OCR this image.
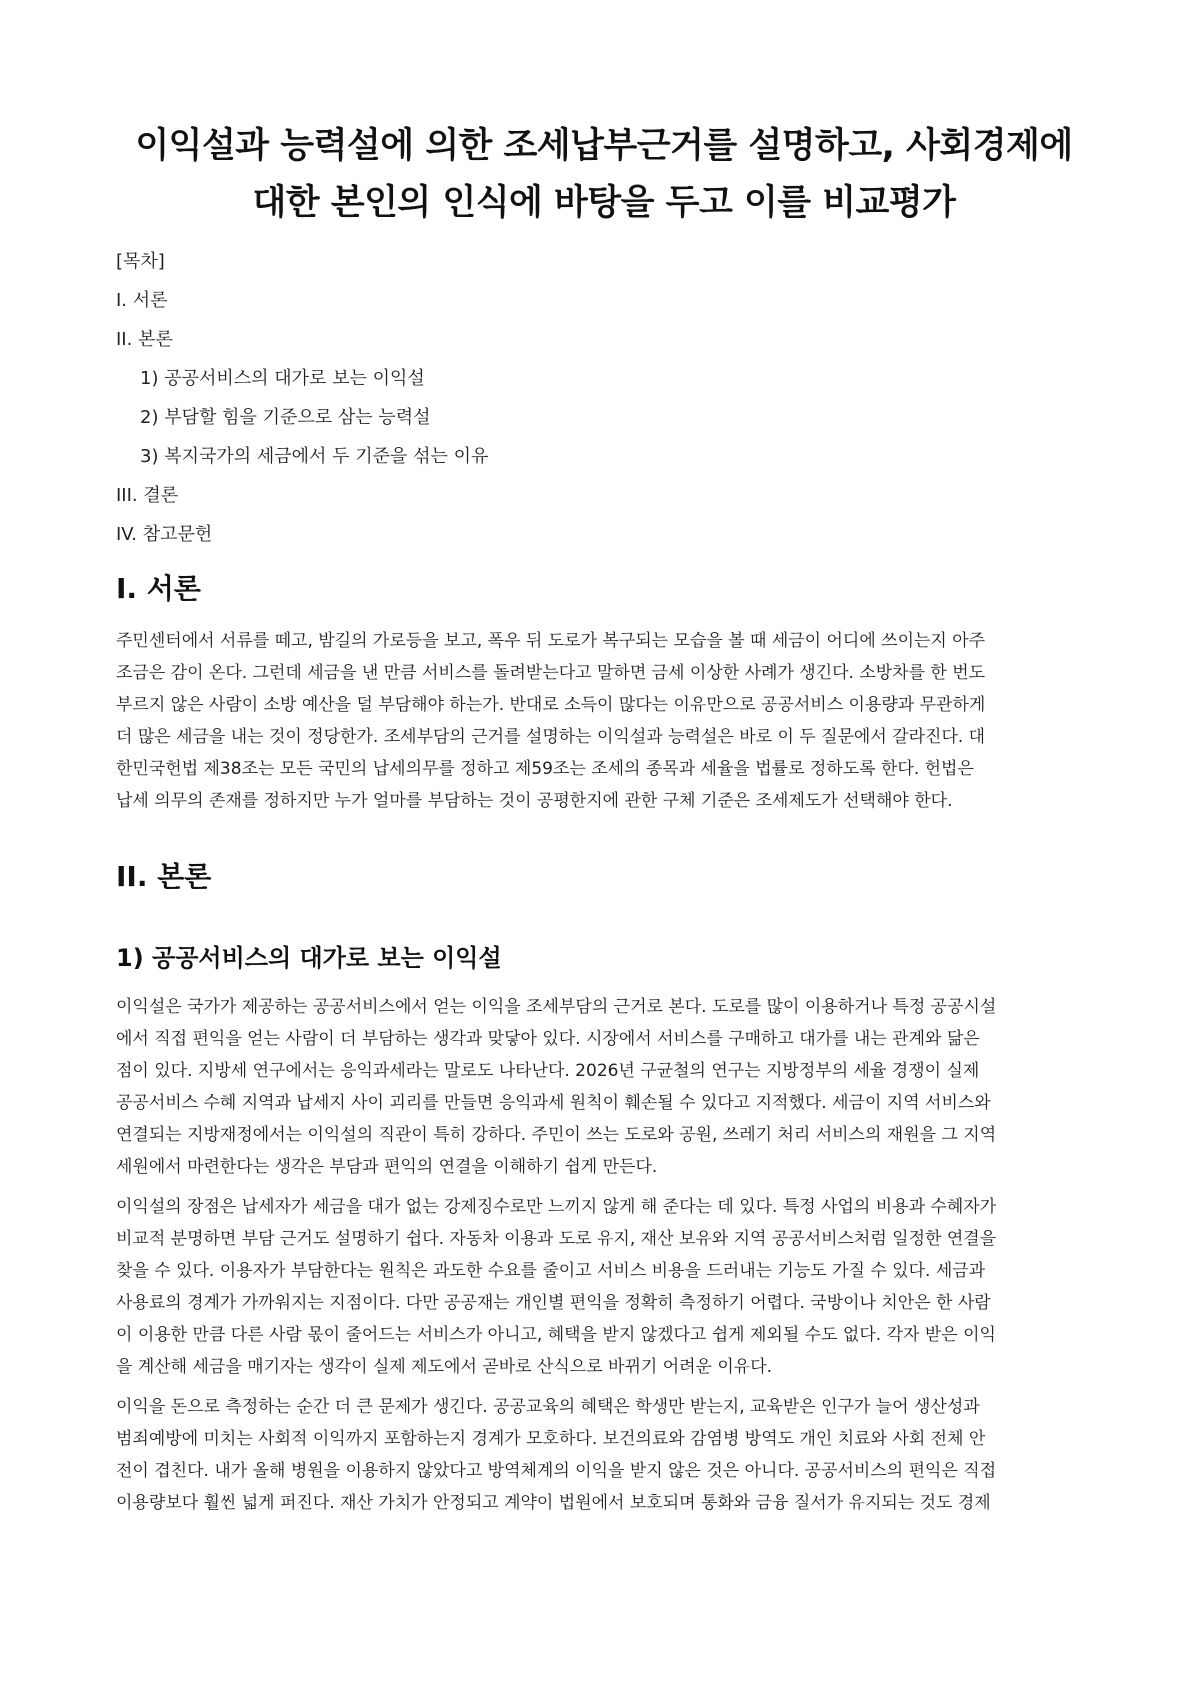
이익설과 능력설에 의한 조세납부근거를 설명하고, 사회경제에
대한 본인의 인식에 바탕을 두고 이를 비교평가
[목차]
I. 서론
II. 본론
1) 공공서비스의 대가로 보는 이익설
2) 부담할 힘을 기준으로 삼는 능력설
3) 복지국가의 세금에서 두 기준을 섞는 이유
III. 결론
IV. 참고문헌
I. 서론

주민센터에서 서류를 떼고, 밤길의 가로등을 보고, 폭우 뒤 도로가 복구되는 모습을 볼 때 세금이 어디에 쓰이는지 아주
조금은 감이 온다. 그런데 세금을 낸 만큼 서비스를 돌려받는다고 말하면 금세 이상한 사례가 생긴다. 소방차를 한 번도
부르지 않은 사람이 소방 예산을 덜 부담해야 하는가. 반대로 소득이 많다는 이유만으로 공공서비스 이용량과 무관하게
더 많은 세금을 내는 것이 정당한가. 조세부담의 근거를 설명하는 이익설과 능력설은 바로 이 두 질문에서 갈라진다. 대
한민국헌법 제38조는 모든 국민의 납세의무를 정하고 제59조는 조세의 종목과 세율을 법률로 정하도록 한다. 헌법은
납세 의무의 존재를 정하지만 누가 얼마를 부담하는 것이 공평한지에 관한 구체 기준은 조세제도가 선택해야 한다.

II. 본론
1) 공공서비스의 대가로 보는 이익설

이익설은 국가가 제공하는 공공서비스에서 얻는 이익을 조세부담의 근거로 본다. 도로를 많이 이용하거나 특정 공공시설
에서 직접 편익을 얻는 사람이 더 부담하는 생각과 맞닿아 있다. 시장에서 서비스를 구매하고 대가를 내는 관계와 닮은
점이 있다. 지방세 연구에서는 응익과세라는 말로도 나타난다. 2026년 구균철의 연구는 지방정부의 세율 경쟁이 실제
공공서비스 수혜 지역과 납세지 사이 괴리를 만들면 응익과세 원칙이 훼손될 수 있다고 지적했다. 세금이 지역 서비스와
연결되는 지방재정에서는 이익설의 직관이 특히 강하다. 주민이 쓰는 도로와 공원, 쓰레기 처리 서비스의 재원을 그 지역
세원에서 마련한다는 생각은 부담과 편익의 연결을 이해하기 쉽게 만든다.

이익설의 장점은 납세자가 세금을 대가 없는 강제징수로만 느끼지 않게 해 준다는 데 있다. 특정 사업의 비용과 수혜자가
비교적 분명하면 부담 근거도 설명하기 쉽다. 자동차 이용과 도로 유지, 재산 보유와 지역 공공서비스처럼 일정한 연결을
찾을 수 있다. 이용자가 부담한다는 원칙은 과도한 수요를 줄이고 서비스 비용을 드러내는 기능도 가질 수 있다. 세금과
사용료의 경계가 가까워지는 지점이다. 다만 공공재는 개인별 편익을 정확히 측정하기 어렵다. 국방이나 치안은 한 사람
이 이용한 만큼 다른 사람 몫이 줄어드는 서비스가 아니고, 혜택을 받지 않겠다고 쉽게 제외될 수도 없다. 각자 받은 이익
을 계산해 세금을 매기자는 생각이 실제 제도에서 곧바로 산식으로 바뀌기 어려운 이유다.

이익을 돈으로 측정하는 순간 더 큰 문제가 생긴다. 공공교육의 혜택은 학생만 받는지, 교육받은 인구가 늘어 생산성과
범죄예방에 미치는 사회적 이익까지 포함하는지 경계가 모호하다. 보건의료와 감염병 방역도 개인 치료와 사회 전체 안
전이 겹친다. 내가 올해 병원을 이용하지 않았다고 방역체계의 이익을 받지 않은 것은 아니다. 공공서비스의 편익은 직접
이용량보다 훨씬 넓게 퍼진다. 재산 가치가 안정되고 계약이 법원에서 보호되며 통화와 금융 질서가 유지되는 것도 경제
